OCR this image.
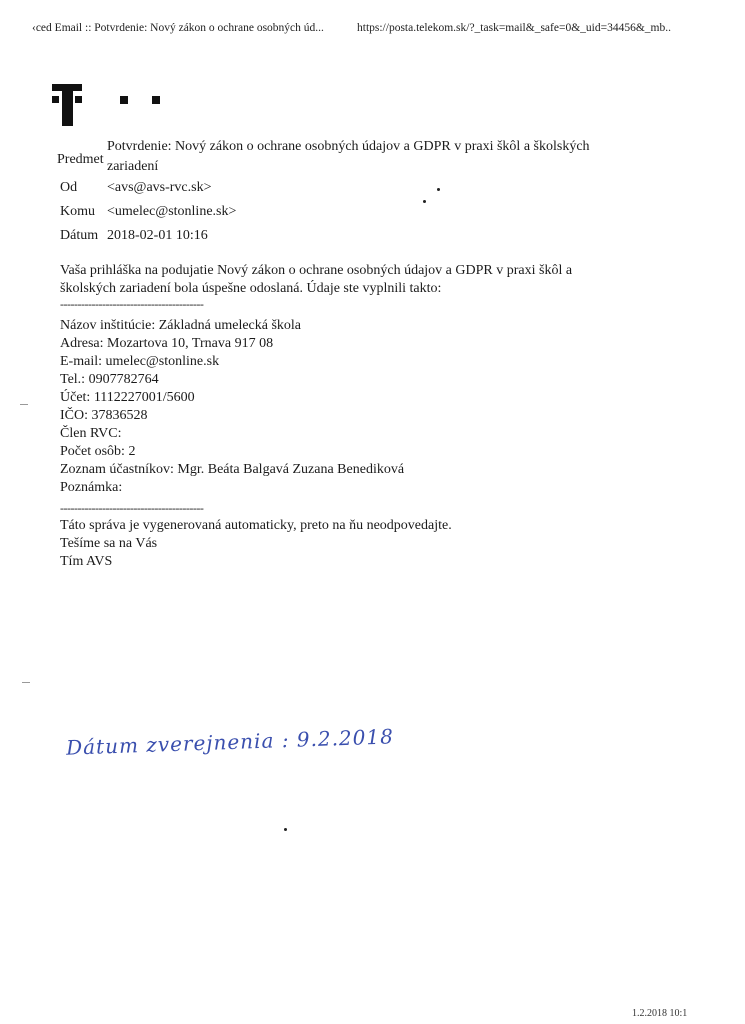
‹ced Email :: Potvrdenie: Nový zákon o ochrane osobných úd...	https://posta.telekom.sk/?_task=mail&_safe=0&_uid=34456&_mb..
Predmet
Potvrdenie: Nový zákon o ochrane osobných údajov a GDPR v praxi škôl a školských zariadení
Od <avs@avs-rvc.sk>
Komu <umelec@stonline.sk>
Dátum 2018-02-01 10:16
Vaša prihláška na podujatie Nový zákon o ochrane osobných údajov a GDPR v praxi škôl a školských zariadení bola úspešne odoslaná. Údaje ste vyplnili takto:
-----------------------------------------
Názov inštitúcie: Základná umelecká škola
Adresa: Mozartova 10, Trnava 917 08
E-mail: umelec@stonline.sk
Tel.: 0907782764
Účet: 1112227001/5600
IČO: 37836528
Člen RVC:
Počet osôb: 2
Zoznam účastníkov: Mgr. Beáta Balgavá Zuzana Benediková
Poznámka:
-----------------------------------------
Táto správa je vygenerovaná automaticky, preto na ňu neodpovedajte.
Tešíme sa na Vás
Tím AVS
Dátum zverejnenia : 9.2.2018
1.2.2018 10:1
